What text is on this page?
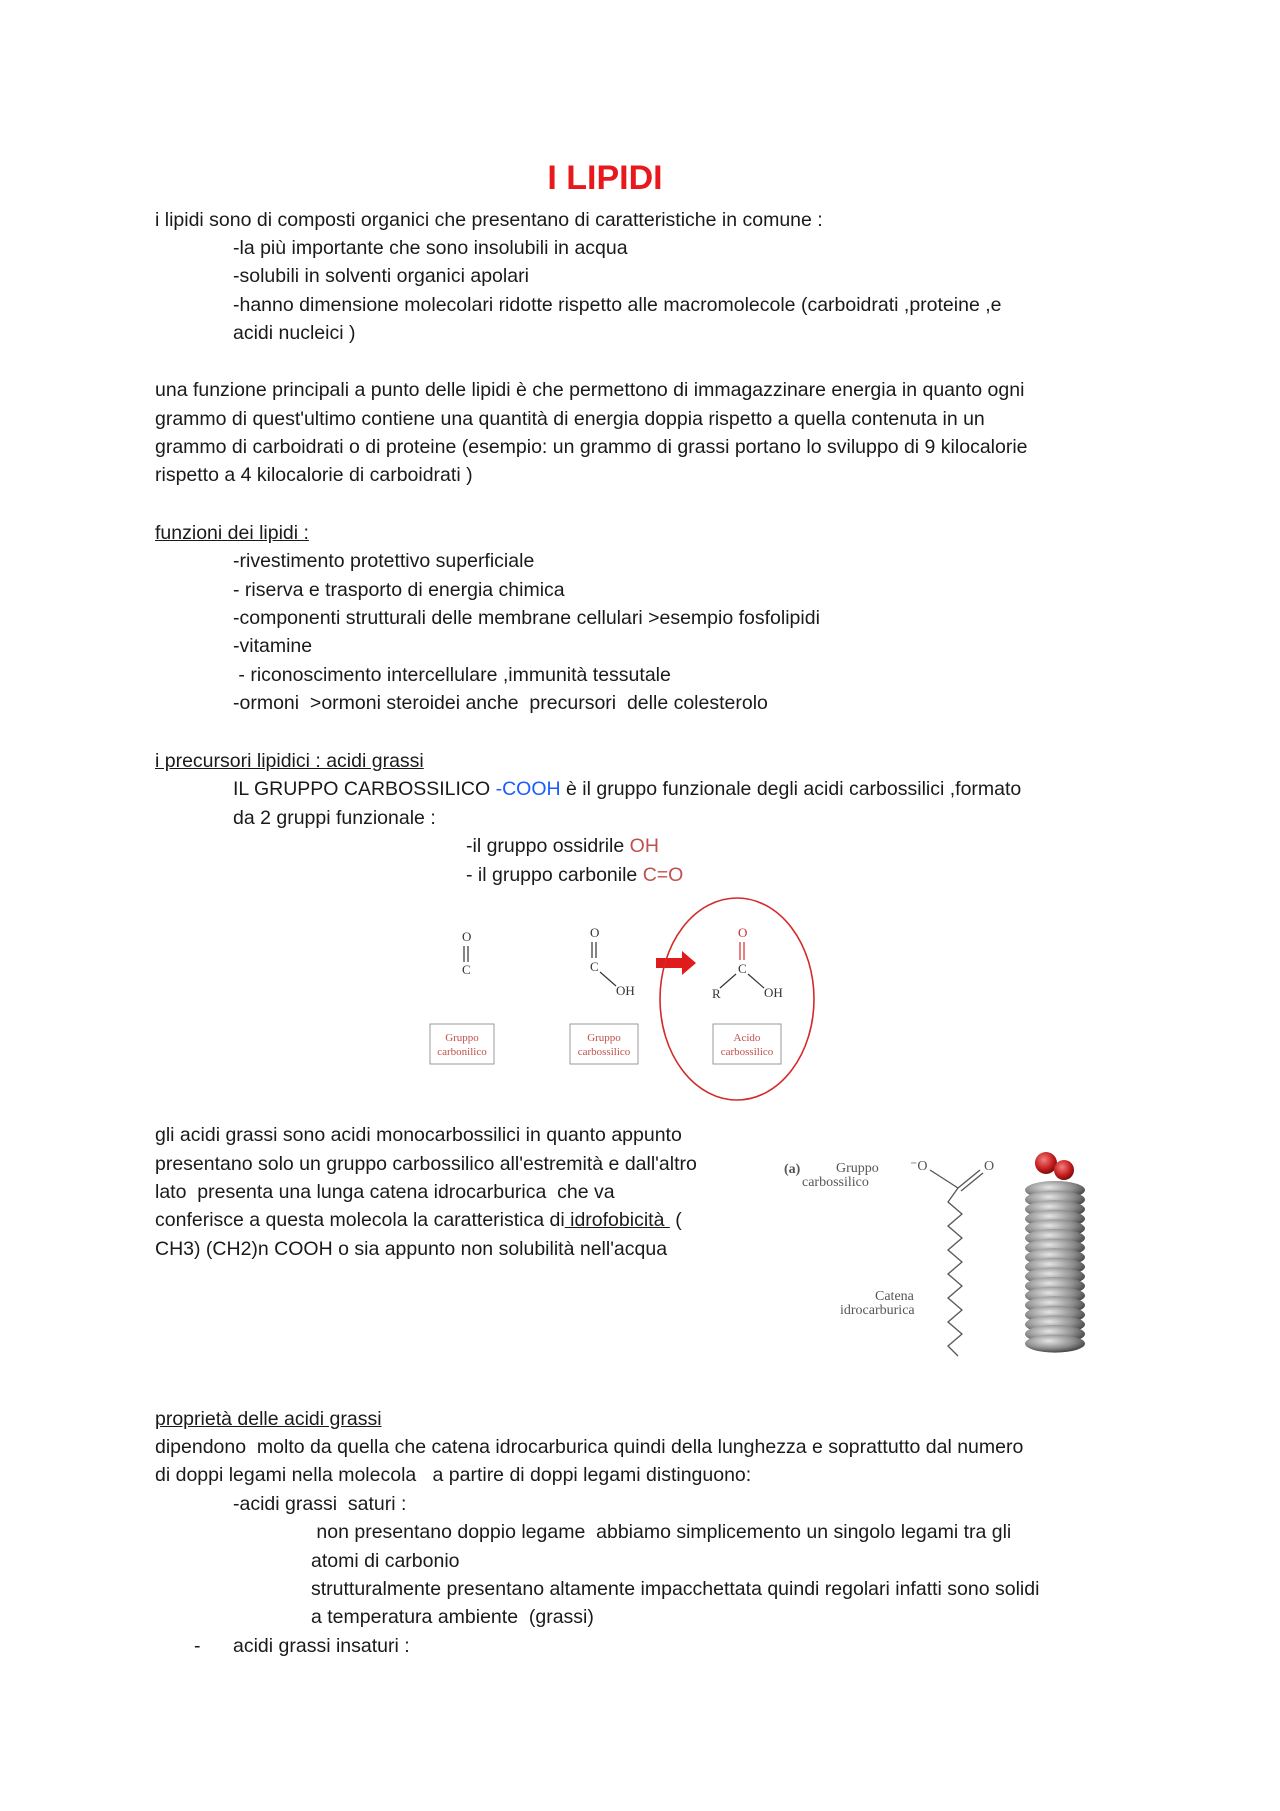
I LIPIDI
i lipidi sono di composti organici che presentano di caratteristiche in comune :
-la più importante che sono insolubili in acqua
-solubili in solventi organici apolari
-hanno dimensione molecolari ridotte rispetto alle macromolecole (carboidrati ,proteine ,e
acidi nucleici )
una funzione principali a punto delle lipidi è che permettono di immagazzinare energia in quanto ogni
grammo di quest'ultimo contiene una quantità di energia doppia rispetto a quella contenuta in un
grammo di carboidrati o di proteine (esempio: un grammo di grassi portano lo sviluppo di 9 kilocalorie
rispetto a 4 kilocalorie di carboidrati )
funzioni dei lipidi :
-rivestimento protettivo superficiale
- riserva e trasporto di energia chimica
-componenti strutturali delle membrane cellulari >esempio fosfolipidi
-vitamine
- riconoscimento intercellulare ,immunità tessutale
-ormoni  >ormoni steroidei anche  precursori  delle colesterolo
i precursori lipidici : acidi grassi
IL GRUPPO CARBOSSILICO -COOH è il gruppo funzionale degli acidi carbossilici ,formato
da 2 gruppi funzionale :
-il gruppo ossidrile OH
- il gruppo carbonile C=O
O
C
O
C
OH
O
C
R	OH
Gruppo
carbonilico
Gruppo
carbossilico
Acido
carbossilico
gli acidi grassi sono acidi monocarbossilici in quanto appunto
presentano solo un gruppo carbossilico all'estremità e dall'altro
lato  presenta una lunga catena idrocarburica  che va
conferisce a questa molecola la caratteristica di idrofobicità  (
CH3) (CH2)n COOH o sia appunto non solubilità nell'acqua
(a)	Gruppo
carbossilico
⁻O	O
Catena
idrocarburica
proprietà delle acidi grassi
dipendono  molto da quella che catena idrocarburica quindi della lunghezza e soprattutto dal numero
di doppi legami nella molecola   a partire di doppi legami distinguono:
-acidi grassi  saturi :
non presentano doppio legame  abbiamo simplicemento un singolo legami tra gli
atomi di carbonio
strutturalmente presentano altamente impacchettata quindi regolari infatti sono solidi
a temperatura ambiente  (grassi)
- acidi grassi insaturi :
